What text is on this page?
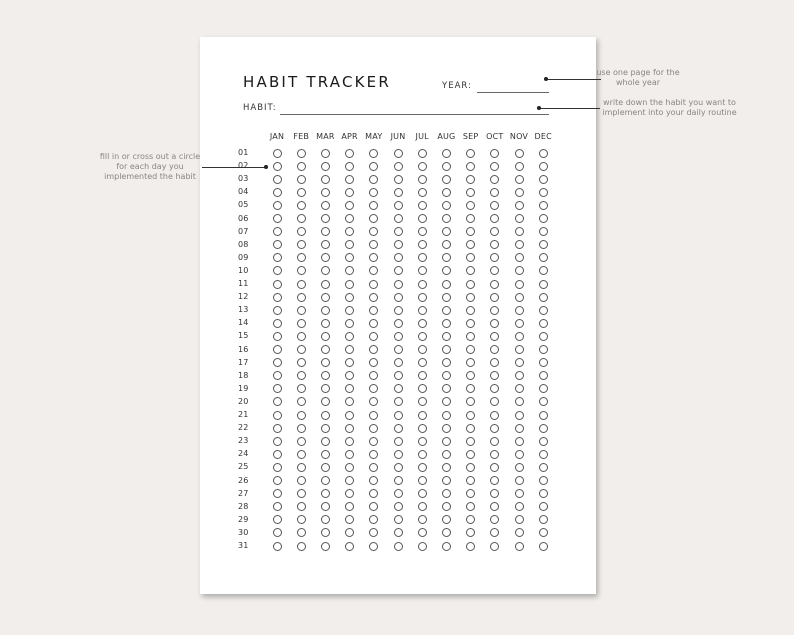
HABIT TRACKER	YEAR:
HABIT:
JAN	FEB MAR APR MAY	JUN	JUL	AUG SEP OCT NOV DEC
01
02
03
04
05
06
07
08
09
10
11
12
13
14
15
16
17
18
19
20
21
22
23
24
25
26
27
28
29
30
31
use one page for the whole year
write down the habit you want to implement into your daily routine
fill in or cross out a circle for each day you implemented the habit
